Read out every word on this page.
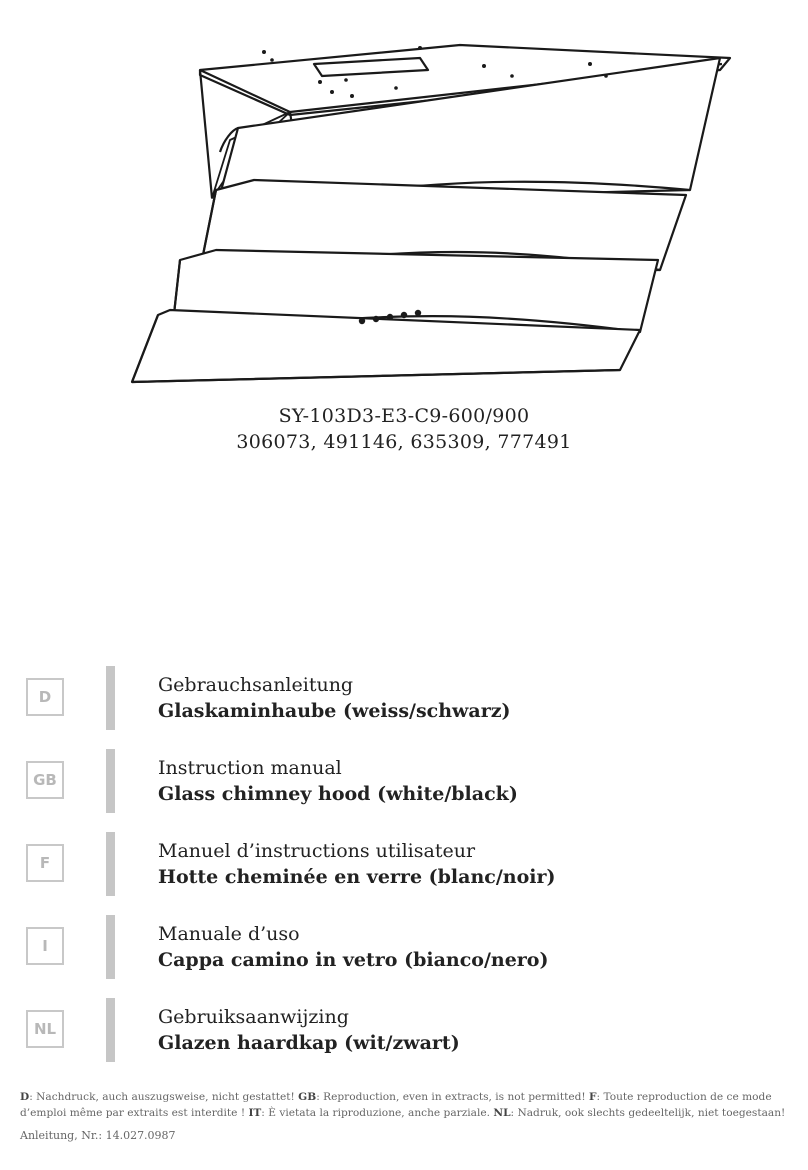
SY-103D3-E3-C9-600/900
306073, 491146, 635309, 777491
D
Gebrauchsanleitung
Glaskaminhaube (weiss/schwarz)
GB
Instruction manual
Glass chimney hood (white/black)
F
Manuel d’instructions utilisateur
Hotte cheminée en verre (blanc/noir)
I
Manuale d’uso
Cappa camino in vetro (bianco/nero)
NL
Gebruiksaanwijzing
Glazen haardkap (wit/zwart)
D: Nachdruck, auch auszugsweise, nicht gestattet! GB: Reproduction, even in extracts, is not permitted! F: Toute reproduction de ce mode d’emploi même par extraits est interdite ! IT: È vietata la riproduzione, anche parziale. NL: Nadruk, ook slechts gedeeltelijk, niet toegestaan!
Anleitung, Nr.: 14.027.0987
